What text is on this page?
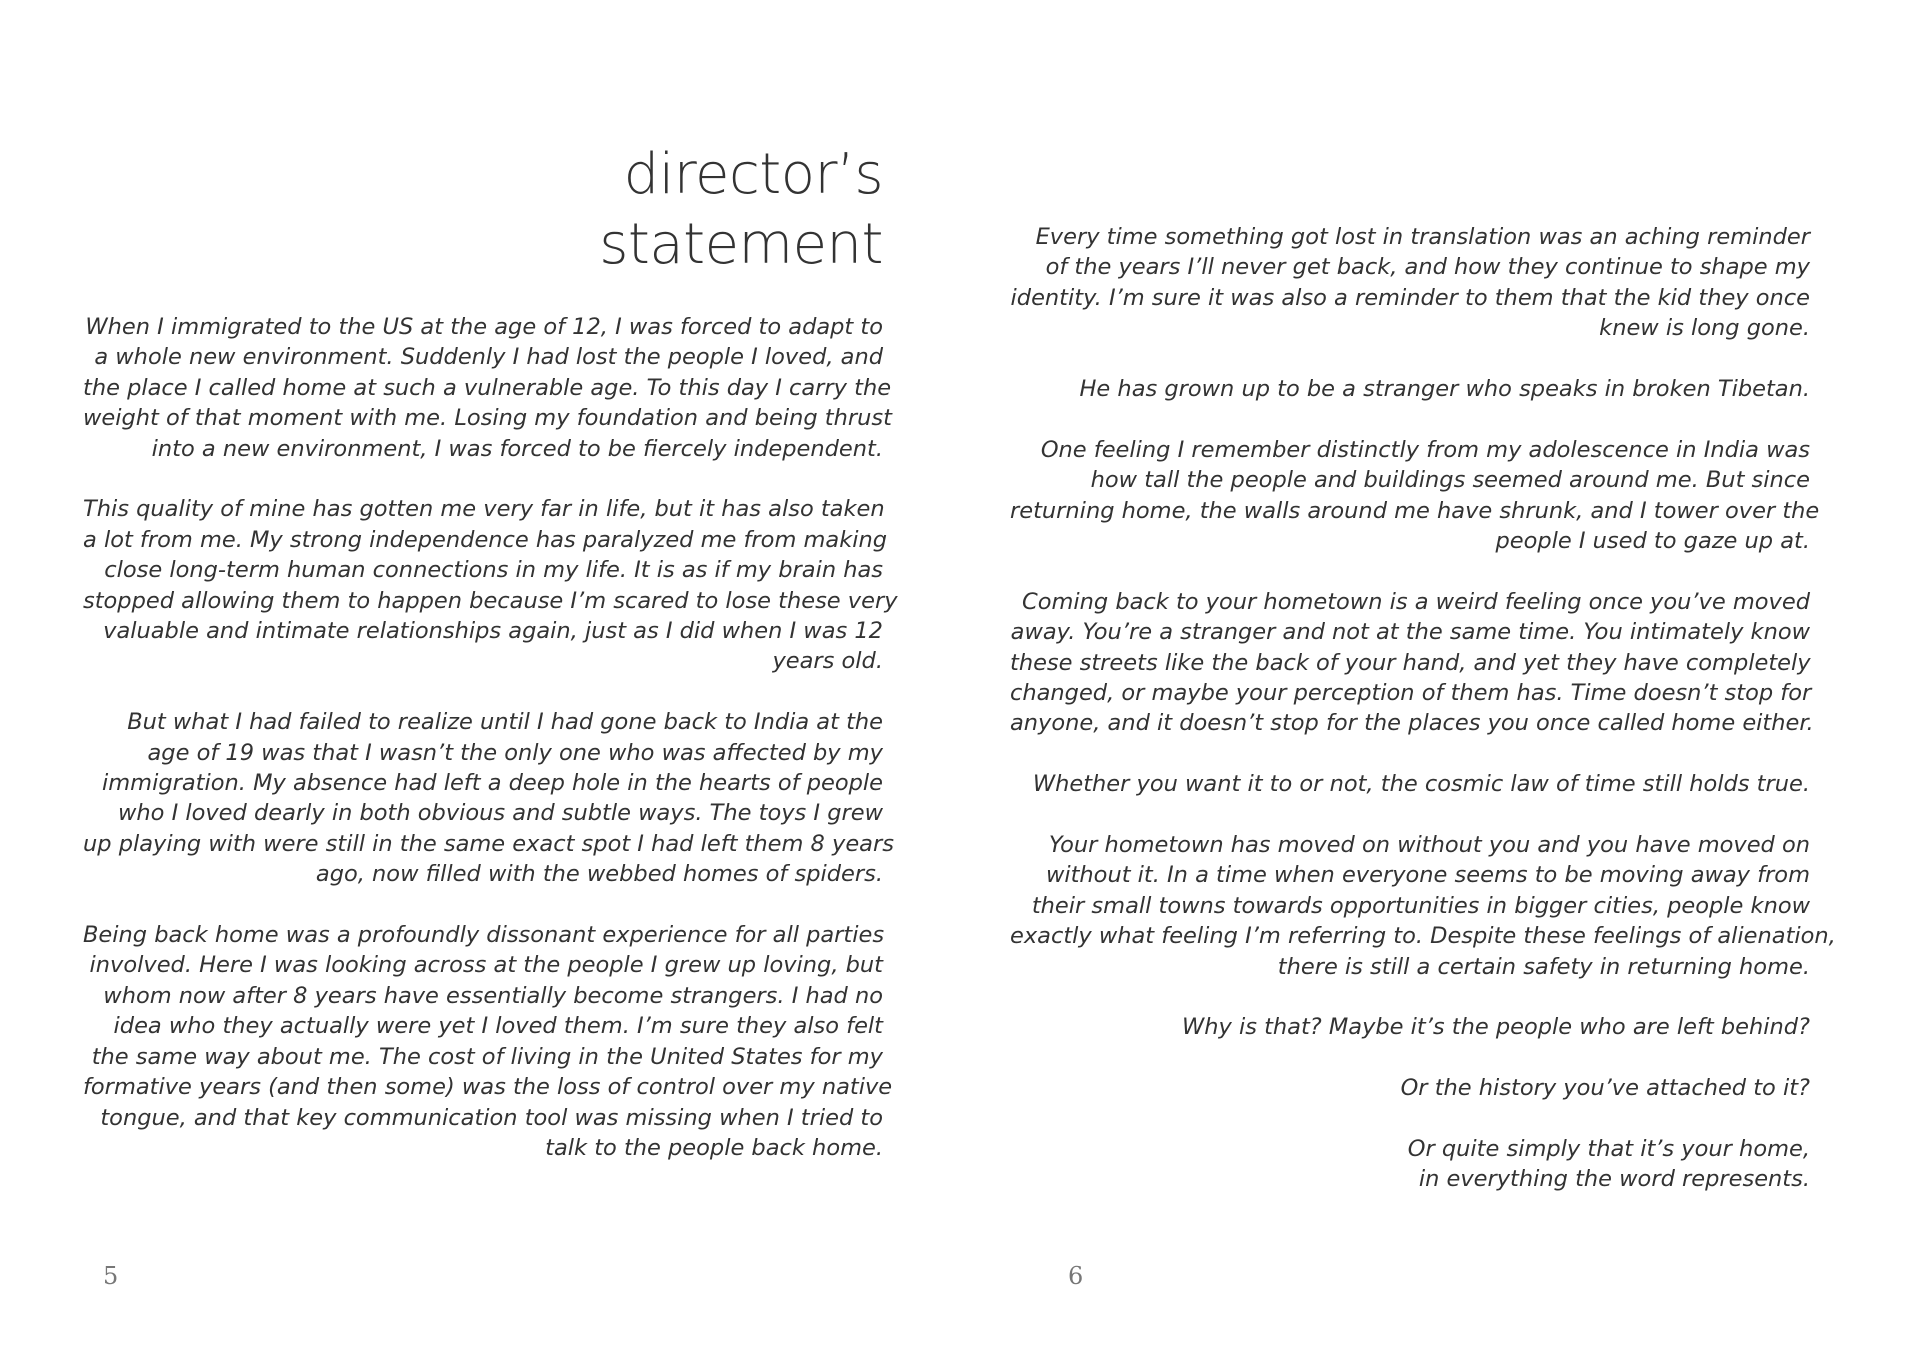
director’s
statement

When I immigrated to the US at the age of 12, I was forced to adapt to
a whole new environment. Suddenly I had lost the people I loved, and
the place I called home at such a vulnerable age. To this day I carry the
weight of that moment with me. Losing my foundation and being thrust
into a new environment, I was forced to be fiercely independent.

This quality of mine has gotten me very far in life, but it has also taken
a lot from me. My strong independence has paralyzed me from making
close long-term human connections in my life. It is as if my brain has
stopped allowing them to happen because I’m scared to lose these very
valuable and intimate relationships again, just as I did when I was 12
years old.

But what I had failed to realize until I had gone back to India at the
age of 19 was that I wasn’t the only one who was affected by my
immigration. My absence had left a deep hole in the hearts of people
who I loved dearly in both obvious and subtle ways. The toys I grew
up playing with were still in the same exact spot I had left them 8 years
ago, now filled with the webbed homes of spiders.

Being back home was a profoundly dissonant experience for all parties
involved. Here I was looking across at the people I grew up loving, but
whom now after 8 years have essentially become strangers. I had no
idea who they actually were yet I loved them. I’m sure they also felt
the same way about me. The cost of living in the United States for my
formative years (and then some) was the loss of control over my native
tongue, and that key communication tool was missing when I tried to
talk to the people back home.

5

Every time something got lost in translation was an aching reminder
of the years I’ll never get back, and how they continue to shape my
identity. I’m sure it was also a reminder to them that the kid they once
knew is long gone.

He has grown up to be a stranger who speaks in broken Tibetan.

One feeling I remember distinctly from my adolescence in India was
how tall the people and buildings seemed around me. But since
returning home, the walls around me have shrunk, and I tower over the
people I used to gaze up at.

Coming back to your hometown is a weird feeling once you’ve moved
away. You’re a stranger and not at the same time. You intimately know
these streets like the back of your hand, and yet they have completely
changed, or maybe your perception of them has. Time doesn’t stop for
anyone, and it doesn’t stop for the places you once called home either.

Whether you want it to or not, the cosmic law of time still holds true.

Your hometown has moved on without you and you have moved on
without it. In a time when everyone seems to be moving away from
their small towns towards opportunities in bigger cities, people know
exactly what feeling I’m referring to. Despite these feelings of alienation,
there is still a certain safety in returning home.

Why is that? Maybe it’s the people who are left behind?

Or the history you’ve attached to it?

Or quite simply that it’s your home,
in everything the word represents.

6
